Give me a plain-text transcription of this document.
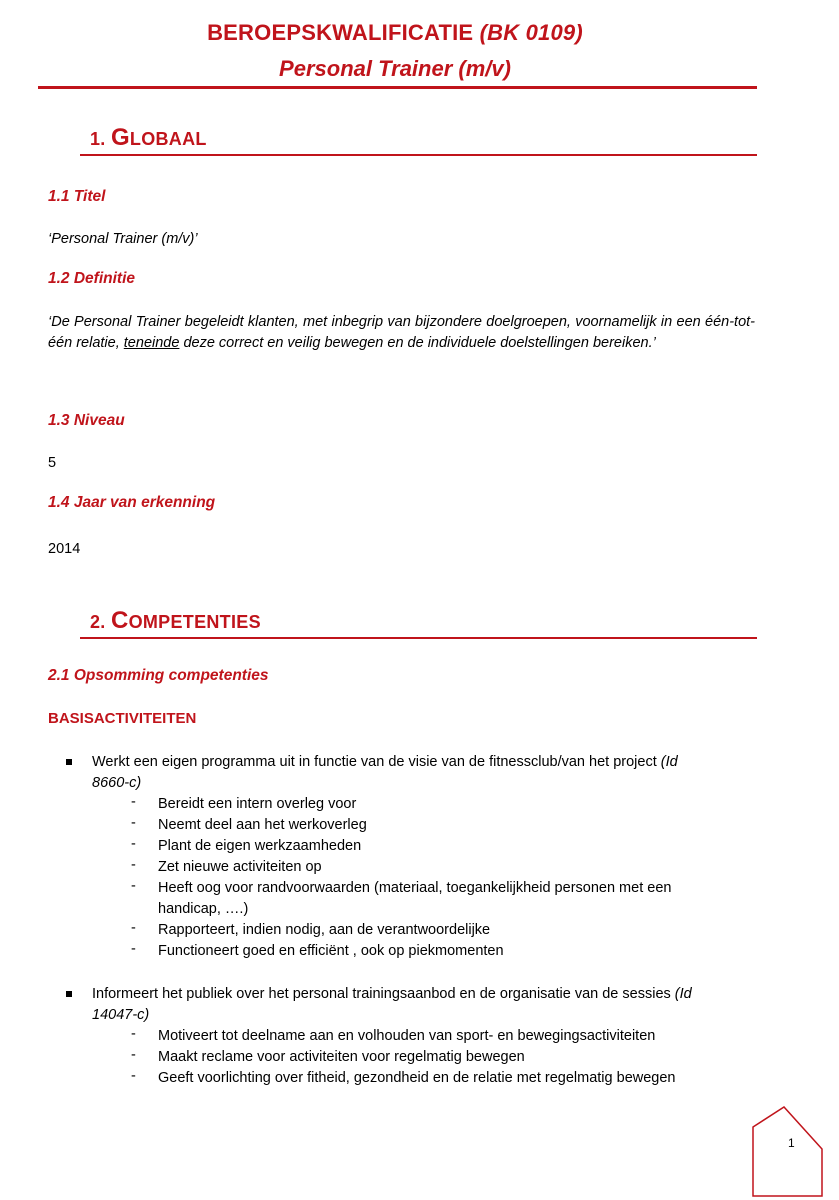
BEROEPSKWALIFICATIE (BK 0109)
Personal Trainer (m/v)
1. GLOBAAL
1.1 Titel
‘Personal Trainer (m/v)’
1.2 Definitie
‘De Personal Trainer begeleidt klanten, met inbegrip van bijzondere doelgroepen, voornamelijk in een één-tot-één relatie, teneinde deze correct en veilig bewegen en de individuele doelstellingen bereiken.’
1.3 Niveau
5
1.4 Jaar van erkenning
2014
2. COMPETENTIES
2.1 Opsomming competenties
BASISACTIVITEITEN
Werkt een eigen programma uit in functie van de visie van de fitnessclub/van het project (Id
8660-c)
- Bereidt een intern overleg voor
- Neemt deel aan het werkoverleg
- Plant de eigen werkzaamheden
- Zet nieuwe activiteiten op
- Heeft oog voor randvoorwaarden (materiaal, toegankelijkheid personen met een
handicap, ….)
- Rapporteert, indien nodig, aan de verantwoordelijke
- Functioneert goed en efficiënt , ook op piekmomenten
Informeert het publiek over het personal trainingsaanbod en de organisatie van de sessies (Id
14047-c)
- Motiveert tot deelname aan en volhouden van sport- en bewegingsactiviteiten
- Maakt reclame voor activiteiten voor regelmatig bewegen
- Geeft voorlichting over fitheid, gezondheid en de relatie met regelmatig bewegen
1
